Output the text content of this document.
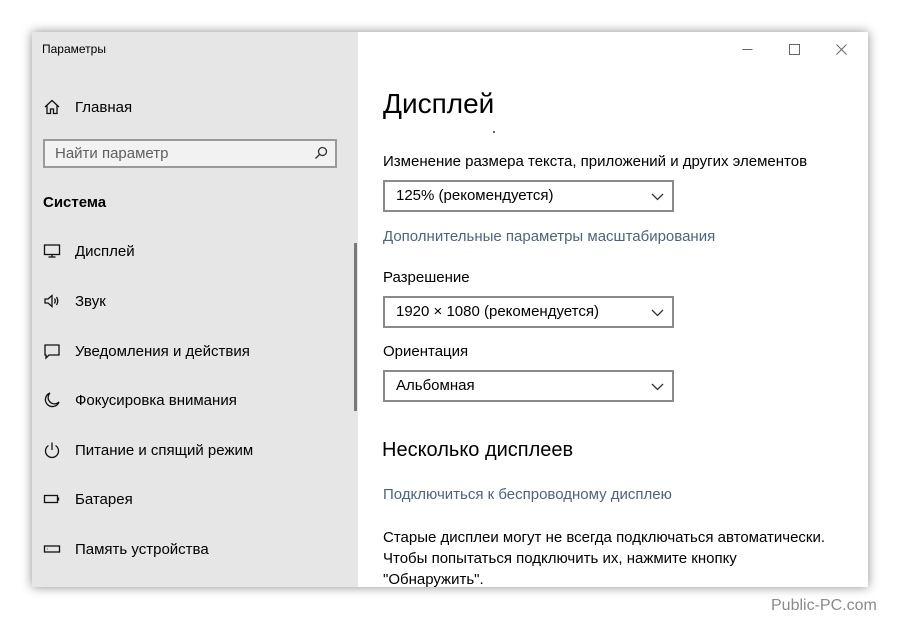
Параметры
Главная
Найти параметр
Система
Дисплей
Звук
Уведомления и действия
Фокусировка внимания
Питание и спящий режим
Батарея
Память устройства
Дисплей
Изменение размера текста, приложений и других элементов
125% (рекомендуется)
Дополнительные параметры масштабирования
Разрешение
1920 × 1080 (рекомендуется)
Ориентация
Альбомная
Несколько дисплеев
Подключиться к беспроводному дисплею
Старые дисплеи могут не всегда подключаться автоматически.
Чтобы попытаться подключить их, нажмите кнопку
"Обнаружить".
Public-PC.com
